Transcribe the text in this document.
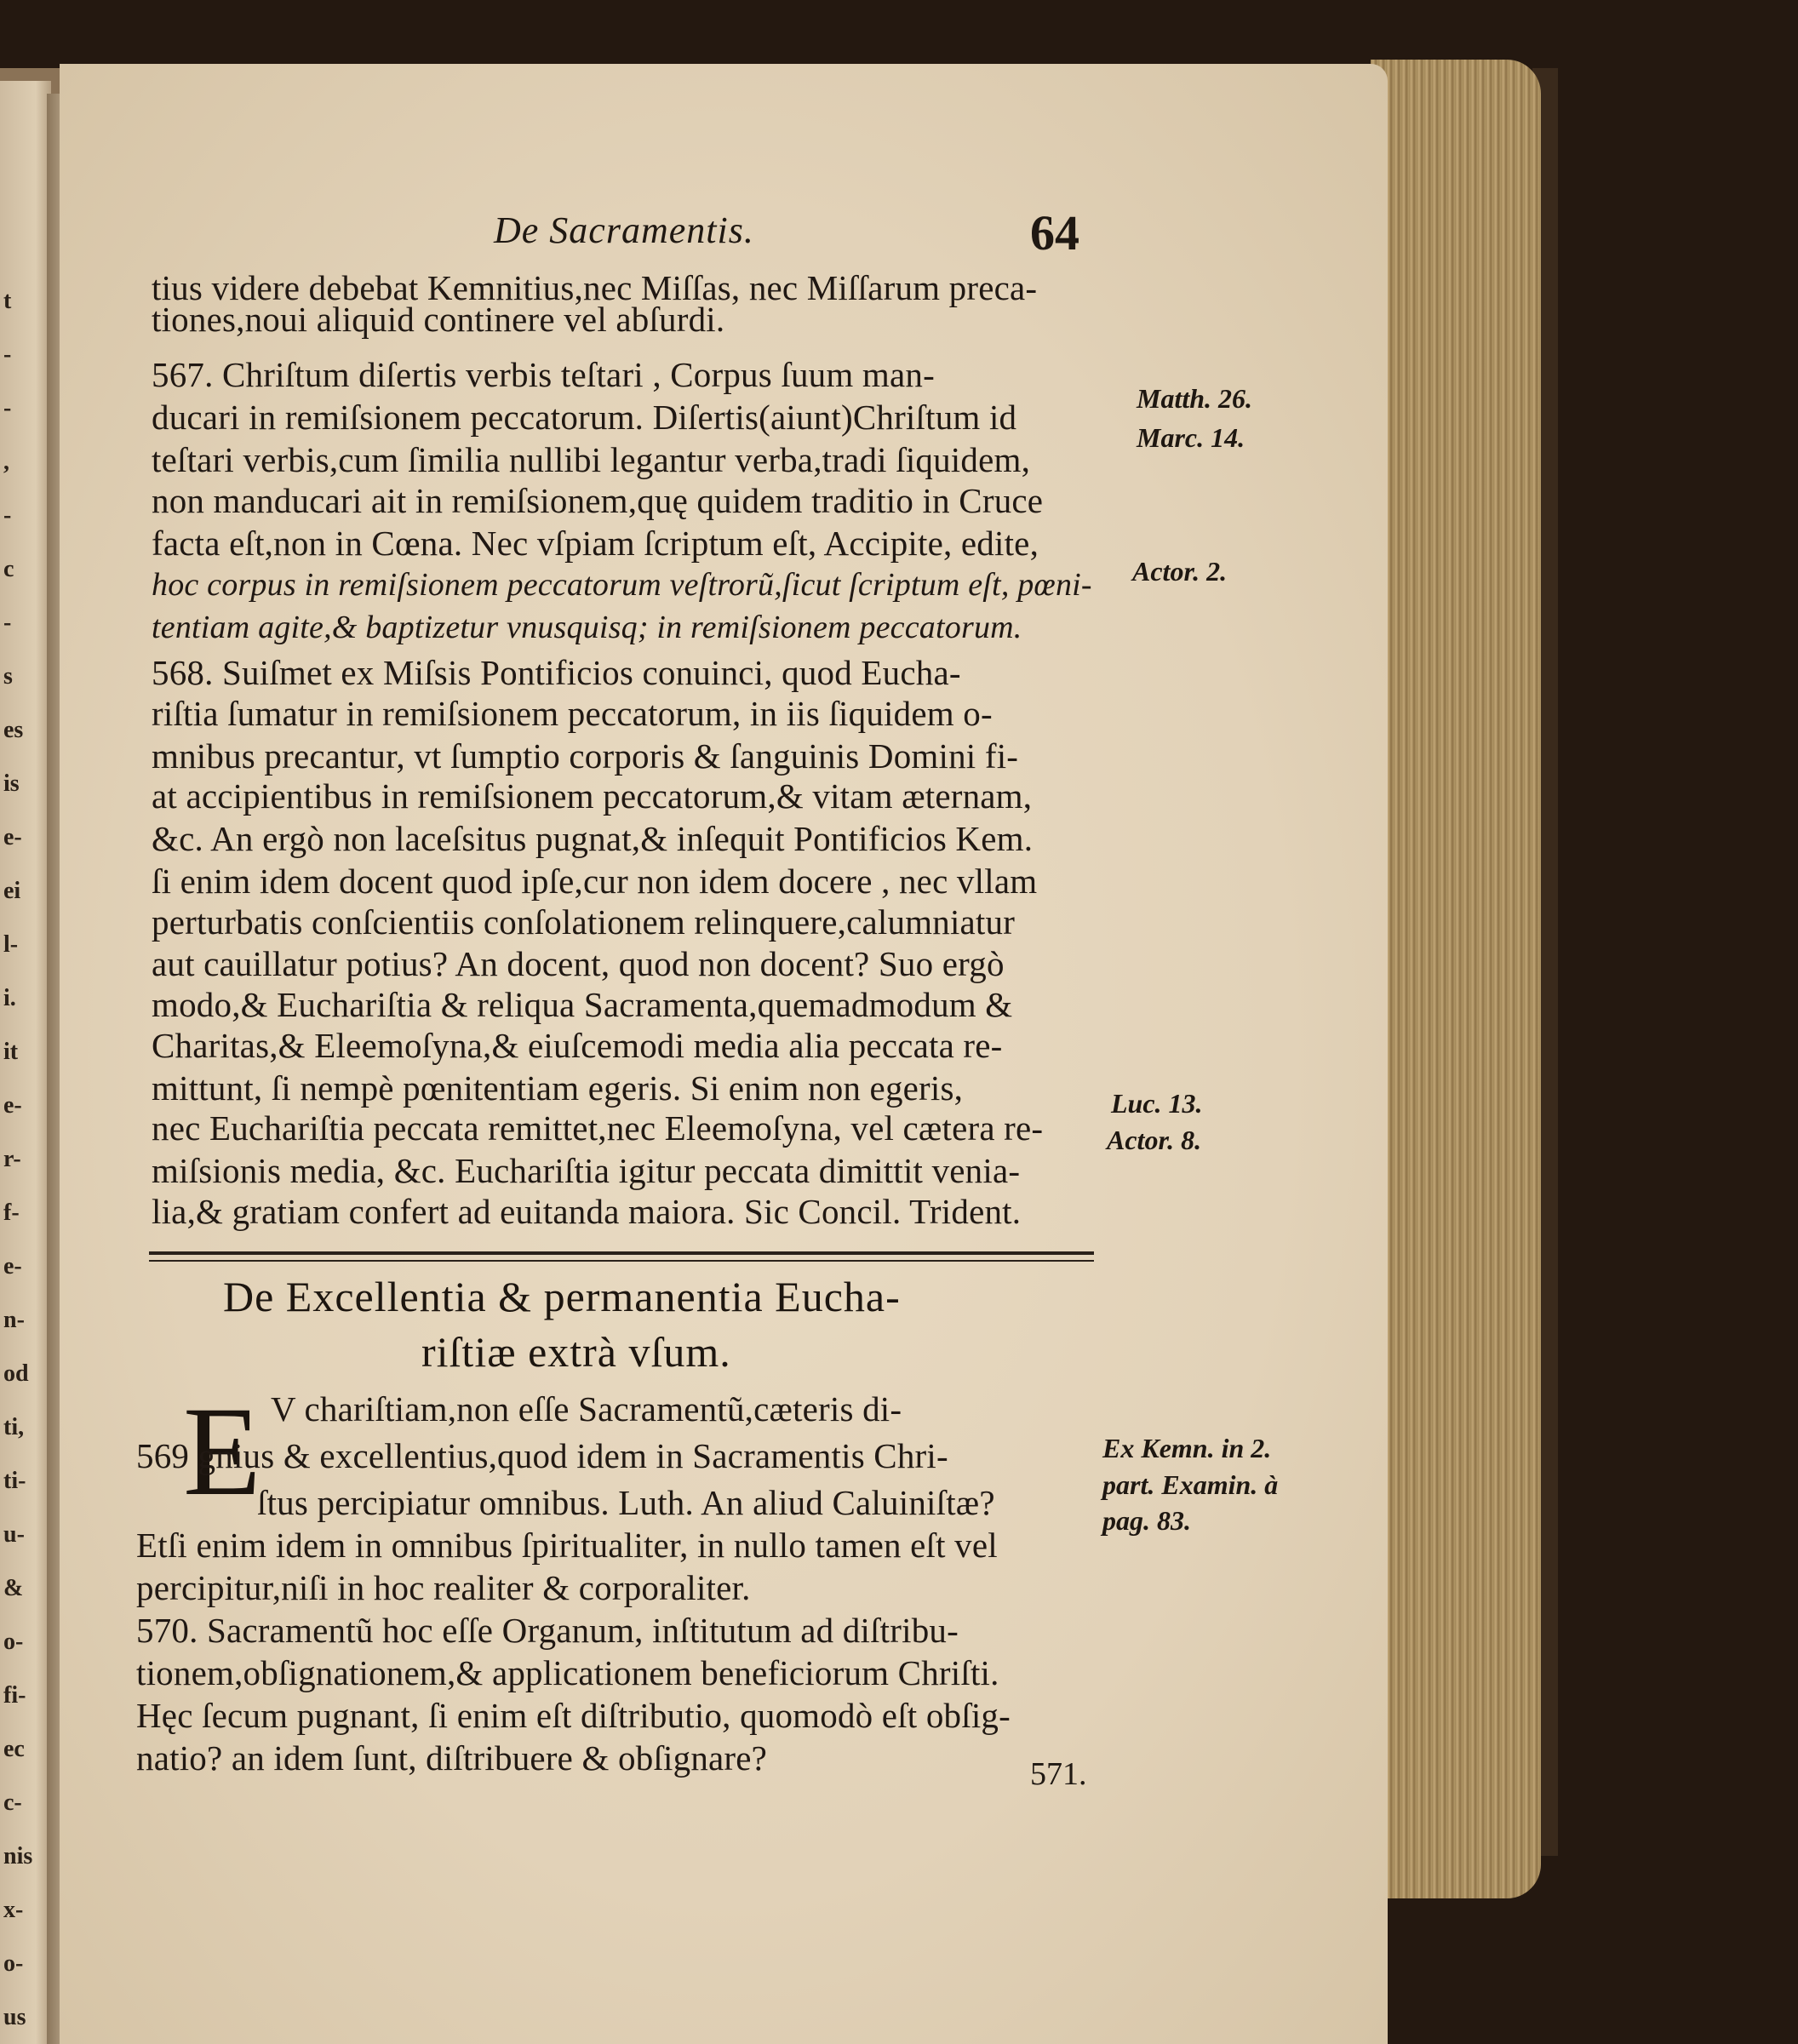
t
-
-
,
-
c
-
s
es
is
e-
ei
l-
i.
it
e-
r-
f-
e-
n-
od
ti,
ti-
u-
&
o-
fi-
ec
c-
nis
x-
o-
us
De Sacramentis.	64
tius videre debebat Kemnitius,nec Miſſas, nec Miſſarum preca-
tiones,noui aliquid continere vel abſurdi.
567. Chriſtum diſertis verbis teſtari , Corpus ſuum man-
ducari in remiſsionem peccatorum. Diſertis(aiunt)Chriſtum id
teſtari verbis,cum ſimilia nullibi legantur verba,tradi ſiquidem,
non manducari ait in remiſsionem,quę quidem traditio in Cruce
facta eſt,non in Cœna. Nec vſpiam ſcriptum eſt, Accipite, edite,
hoc corpus in remiſsionem peccatorum veſtrorũ,ſicut ſcriptum eſt, pœni-
tentiam agite,& baptizetur vnusquisq; in remiſsionem peccatorum.
568. Suiſmet ex Miſsis Pontificios conuinci, quod Eucha-
riſtia ſumatur in remiſsionem peccatorum, in iis ſiquidem o-
mnibus precantur, vt ſumptio corporis & ſanguinis Domini fi-
at accipientibus in remiſsionem peccatorum,& vitam æternam,
&c. An ergò non laceſsitus pugnat,& inſequit Pontificios Kem.
ſi enim idem docent quod ipſe,cur non idem docere , nec vllam
perturbatis conſcientiis conſolationem relinquere,calumniatur
aut cauillatur potius? An docent, quod non docent? Suo ergò
modo,& Euchariſtia & reliqua Sacramenta,quemadmodum &
Charitas,& Eleemoſyna,& eiuſcemodi media alia peccata re-
mittunt, ſi nempè pœnitentiam egeris. Si enim non egeris,
nec Euchariſtia peccata remittet,nec Eleemoſyna, vel cætera re-
miſsionis media, &c. Euchariſtia igitur peccata dimittit venia-
lia,& gratiam confert ad euitanda maiora. Sic Concil. Trident.
De Excellentia & permanentia Eucha-
riſtiæ extrà vſum.
E V chariſtiam,non eſſe Sacramentũ,cæteris di-
569 gnius & excellentius,quod idem in Sacramentis Chri-
ſtus percipiatur omnibus. Luth. An aliud Caluiniſtæ?
Etſi enim idem in omnibus ſpiritualiter, in nullo tamen eſt vel
percipitur,niſi in hoc realiter & corporaliter.
570. Sacramentũ hoc eſſe Organum, inſtitutum ad diſtribu-
tionem,obſignationem,& applicationem beneficiorum Chriſti.
Hęc ſecum pugnant, ſi enim eſt diſtributio, quomodò eſt obſig-
natio? an idem ſunt, diſtribuere & obſignare?	571.
Matth. 26.
Marc. 14.
Actor. 2.
Luc. 13.
Actor. 8.
Ex Kemn. in 2.
part. Examin. à
pag. 83.
